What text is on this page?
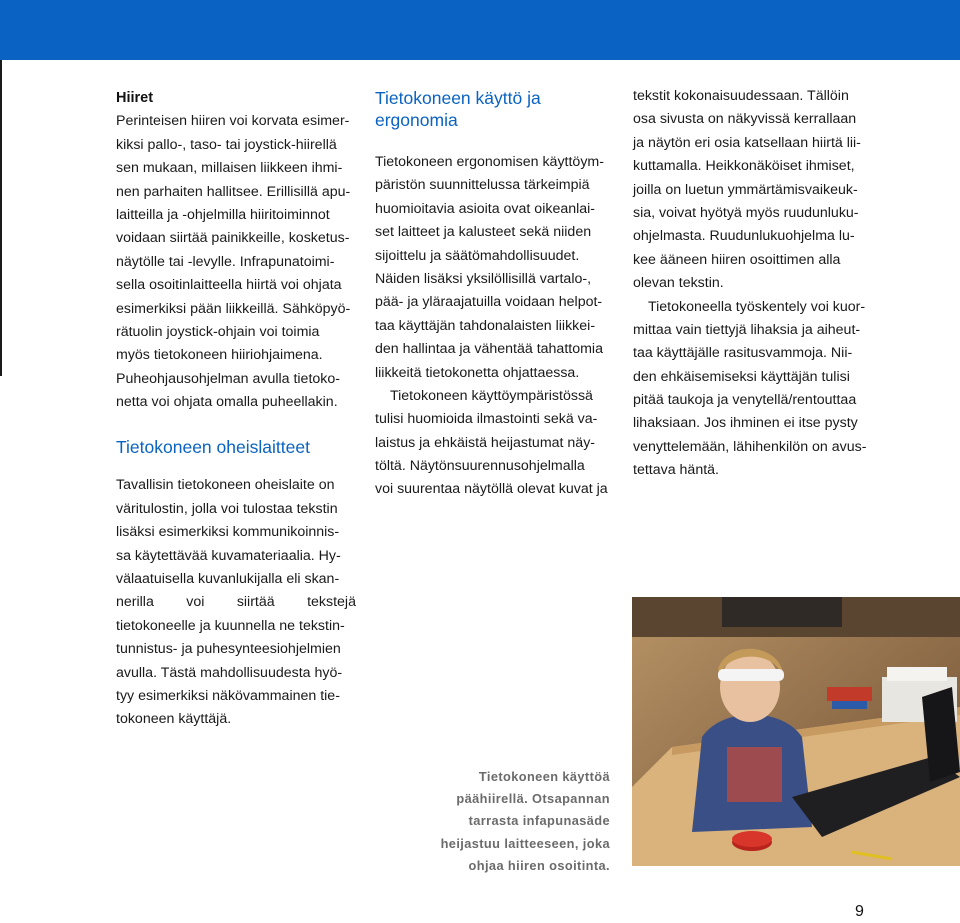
Hiiret

Perinteisen hiiren voi korvata esimer-
kiksi pallo-, taso- tai joystick-hiirellä
sen mukaan, millaisen liikkeen ihmi-
nen parhaiten hallitsee. Erillisillä apu-
laitteilla ja -ohjelmilla hiiritoiminnot
voidaan siirtää painikkeille, kosketus-
näytölle tai -levylle. Infrapunatoimi-
sella osoitinlaitteella hiirtä voi ohjata
esimerkiksi pään liikkeillä. Sähköpyö-
rätuolin joystick-ohjain voi toimia
myös tietokoneen hiiriohjaimena.
Puheohjausohjelman avulla tietoko-
netta voi ohjata omalla puheellakin.

Tietokoneen oheislaitteet

Tavallisin tietokoneen oheislaite on
väritulostin, jolla voi tulostaa tekstin
lisäksi esimerkiksi kommunikoinnis-
sa käytettävää kuvamateriaalia. Hy-
välaatuisella kuvanlukijalla eli skan-
nerilla voi siirtää tekstejä
tietokoneelle ja kuunnella ne tekstin-
tunnistus- ja puhesynteesiohjelmien
avulla. Tästä mahdollisuudesta hyö-
tyy esimerkiksi näkövammainen tie-
tokoneen käyttäjä.

Tietokoneen käyttö ja
ergonomia

Tietokoneen ergonomisen käyttöym-
päristön suunnittelussa tärkeimpiä
huomioitavia asioita ovat oikeanlai-
set laitteet ja kalusteet sekä niiden
sijoittelu ja säätömahdollisuudet.
Näiden lisäksi yksilöllisillä vartalo-,
pää- ja yläraajatuilla voidaan helpot-
taa käyttäjän tahdonalaisten liikkei-
den hallintaa ja vähentää tahattomia
liikkeitä tietokonetta ohjattaessa.

Tietokoneen käyttöympäristössä
tulisi huomioida ilmastointi sekä va-
laistus ja ehkäistä heijastumat näy-
töltä. Näytönsuurennusohjelmalla
voi suurentaa näytöllä olevat kuvat ja

tekstit kokonaisuudessaan. Tällöin
osa sivusta on näkyvissä kerrallaan
ja näytön eri osia katsellaan hiirtä lii-
kuttamalla. Heikkonäköiset ihmiset,
joilla on luetun ymmärtämisvaikeuk-
sia, voivat hyötyä myös ruudunluku-
ohjelmasta. Ruudunlukuohjelma lu-
kee ääneen hiiren osoittimen alla
olevan tekstin.

Tietokoneella työskentely voi kuor-
mittaa vain tiettyjä lihaksia ja aiheut-
taa käyttäjälle rasitusvammoja. Nii-
den ehkäisemiseksi käyttäjän tulisi
pitää taukoja ja venytellä/rentouttaa
lihaksiaan. Jos ihminen ei itse pysty
venyttelemään, lähihenkilön on avus-
tettava häntä.

Tietokoneen käyttöä
päähiirellä. Otsapannan
tarrasta infapunasäde
heijastuu laitteeseen, joka
ohjaa hiiren osoitinta.
9
